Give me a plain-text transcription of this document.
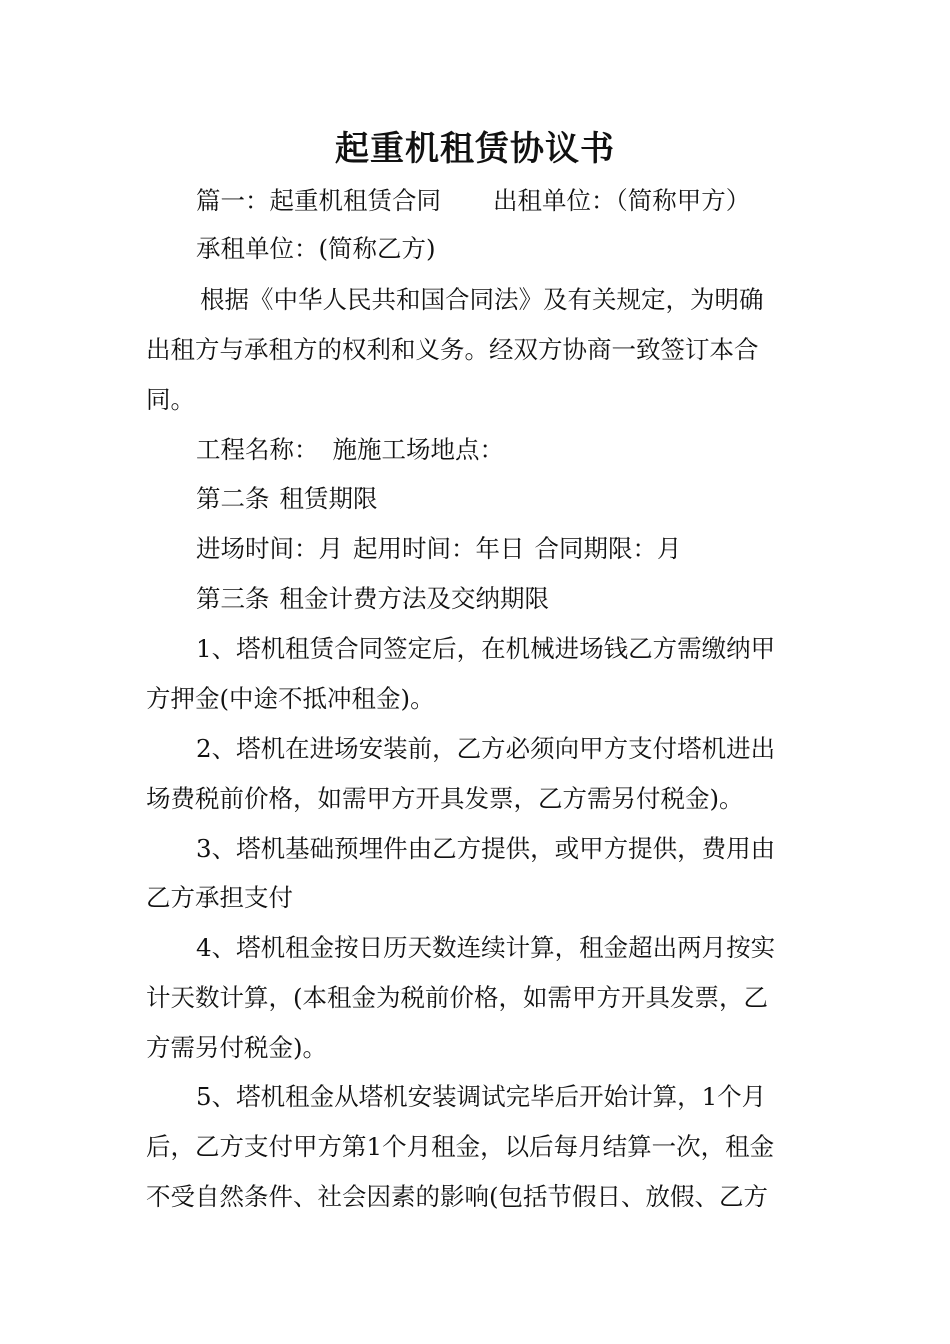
起重机租赁协议书
篇一：起重机租赁合同 出租单位：（简称甲方）
承租单位：(简称乙方)
根据《中华人民共和国合同法》及有关规定，为明确
出租方与承租方的权利和义务。经双方协商一致签订本合
同。
工程名称： 施施工场地点：
第二条 租赁期限
进场时间：月 起用时间：年日 合同期限：月
第三条 租金计费方法及交纳期限
1、塔机租赁合同签定后，在机械进场钱乙方需缴纳甲
方押金(中途不抵冲租金)。
2、塔机在进场安装前，乙方必须向甲方支付塔机进出
场费税前价格，如需甲方开具发票，乙方需另付税金)。
3、塔机基础预埋件由乙方提供，或甲方提供，费用由
乙方承担支付
4、塔机租金按日历天数连续计算，租金超出两月按实
计天数计算，(本租金为税前价格，如需甲方开具发票，乙
方需另付税金)。
5、塔机租金从塔机安装调试完毕后开始计算，1个月
后，乙方支付甲方第1个月租金，以后每月结算一次，租金
不受自然条件、社会因素的影响(包括节假日、放假、乙方
